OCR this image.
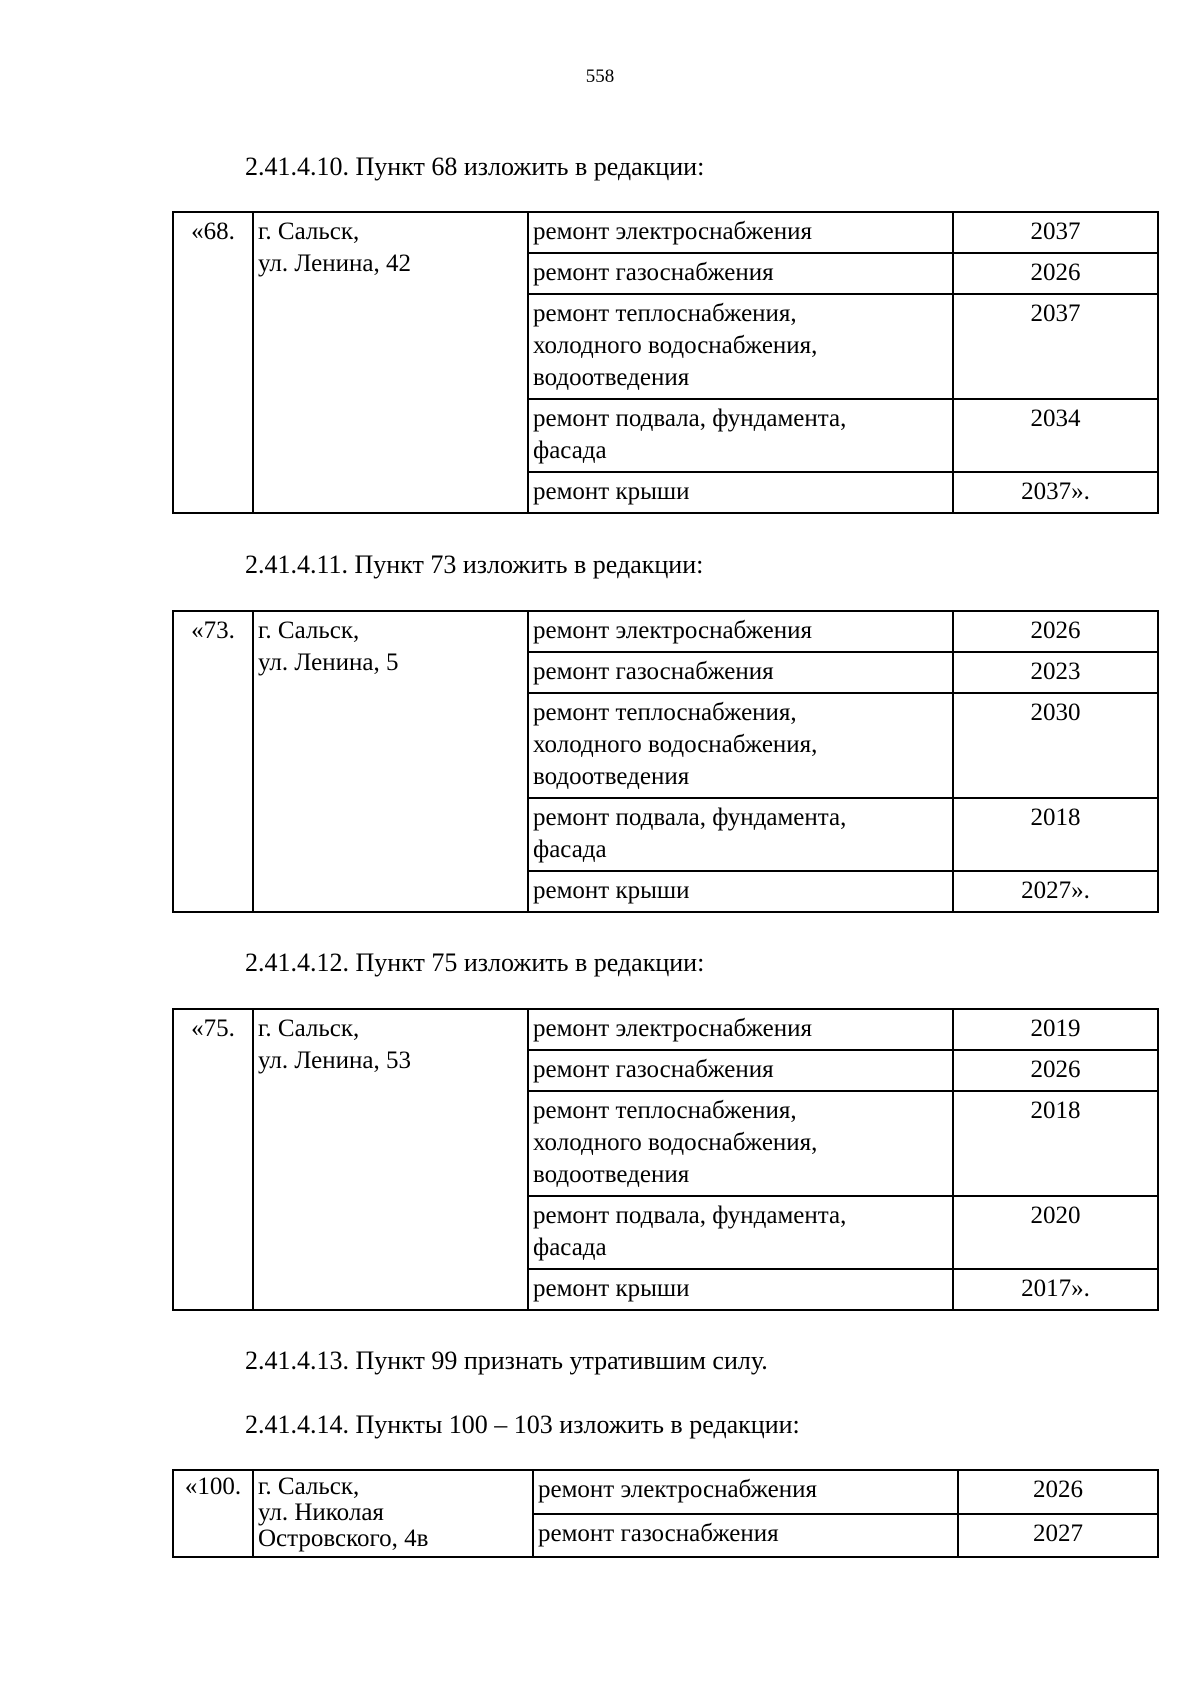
558
2.41.4.10. Пункт 68 изложить в редакции:
«68.	г. Сальск,
ул. Ленина, 42	ремонт электроснабжения	2037
		ремонт газоснабжения	2026
		ремонт теплоснабжения,
холодного водоснабжения,
водоотведения	2037
		ремонт подвала, фундамента,
фасада	2034
		ремонт крыши	2037».
2.41.4.11. Пункт 73 изложить в редакции:
«73.	г. Сальск,
ул. Ленина, 5	ремонт электроснабжения	2026
		ремонт газоснабжения	2023
		ремонт теплоснабжения,
холодного водоснабжения,
водоотведения	2030
		ремонт подвала, фундамента,
фасада	2018
		ремонт крыши	2027».
2.41.4.12. Пункт 75 изложить в редакции:
«75.	г. Сальск,
ул. Ленина, 53	ремонт электроснабжения	2019
		ремонт газоснабжения	2026
		ремонт теплоснабжения,
холодного водоснабжения,
водоотведения	2018
		ремонт подвала, фундамента,
фасада	2020
		ремонт крыши	2017».
2.41.4.13. Пункт 99 признать утратившим силу.
2.41.4.14. Пункты 100 – 103 изложить в редакции:
«100.	г. Сальск,
ул. Николая
Островского, 4в	ремонт электроснабжения	2026
		ремонт газоснабжения	2027
